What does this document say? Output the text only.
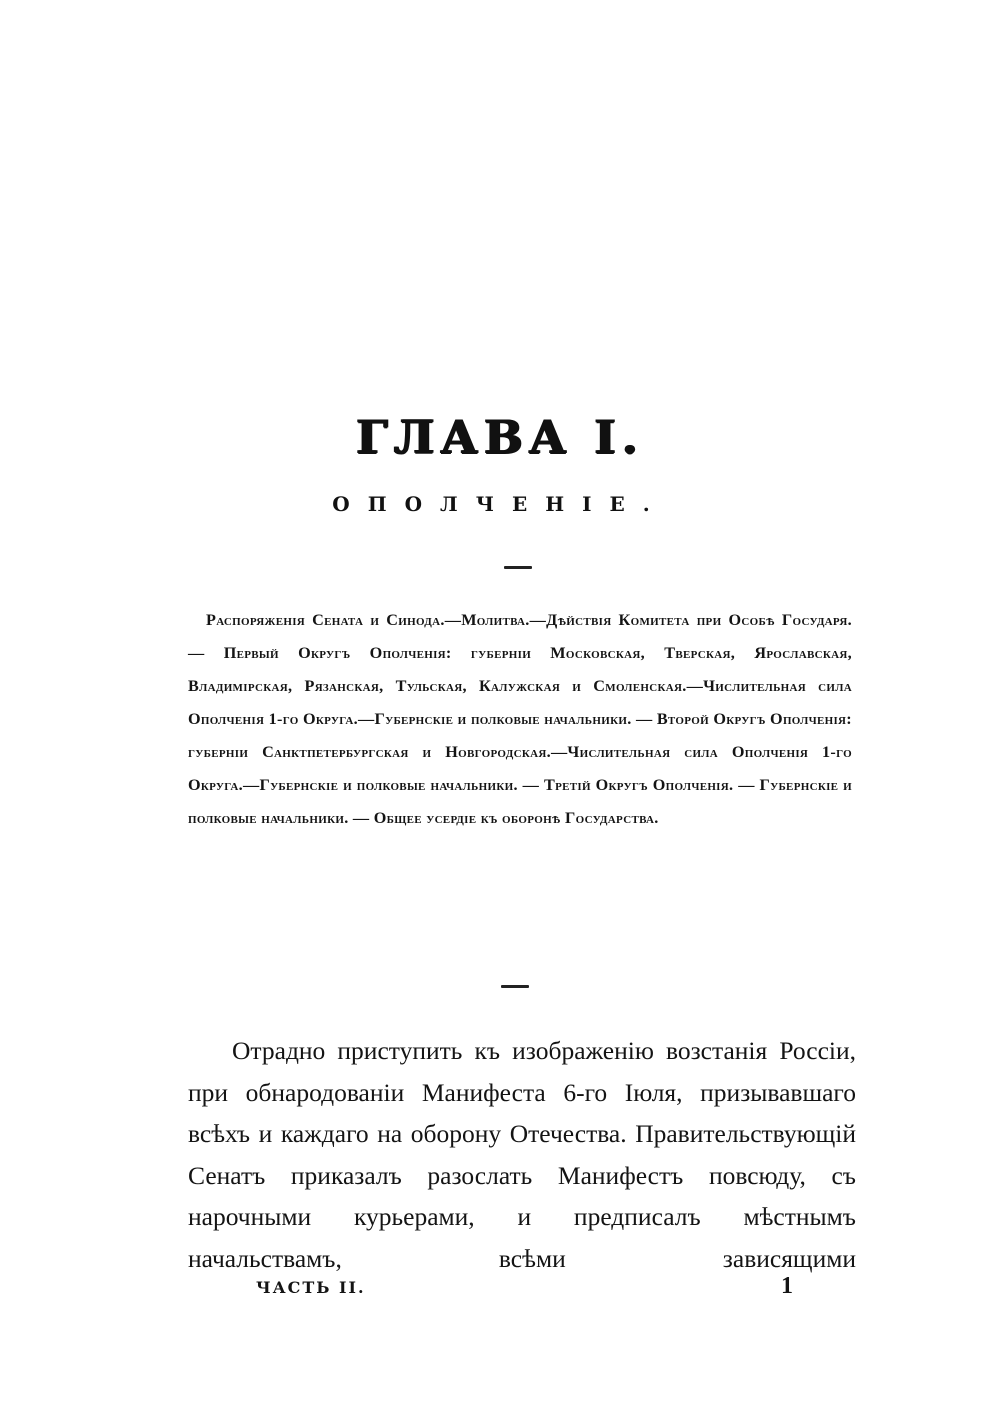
ГЛАВА I.
ОПОЛЧЕНIЕ.

Распоряженiя Сената и Синода.—Молитва.—Дѣйствiя Комитета при Особѣ Государя. — Первый Округъ Ополченiя: губернiи Московская, Тверская, Ярославская, Владимiрская, Рязанская, Тульская, Калужская и Смоленская.—Числительная сила Ополченiя 1-го Округа.—Губернскiе и полковые начальники. — Второй Округъ Ополченiя: губернiи Санктпетербургская и Новгородская.—Числительная сила Ополченiя 1-го Округа.—Губернскiе и полковые начальники. — Третiй Округъ Ополченiя. — Губернскiе и полковые начальники. — Общее усердiе къ оборонѣ Государства.

Отрадно приступить къ изображенiю возстанiя Россiи, при обнародованiи Манифеста 6-го Iюля, призывавшаго всѣхъ и каждаго на оборону Отечества. Правительствующiй Сенатъ приказалъ разослать Манифестъ повсюду, съ нарочными курьерами, и предписалъ мѣстнымъ начальствамъ, всѣми зависящими

ЧАСТЬ II.	1
